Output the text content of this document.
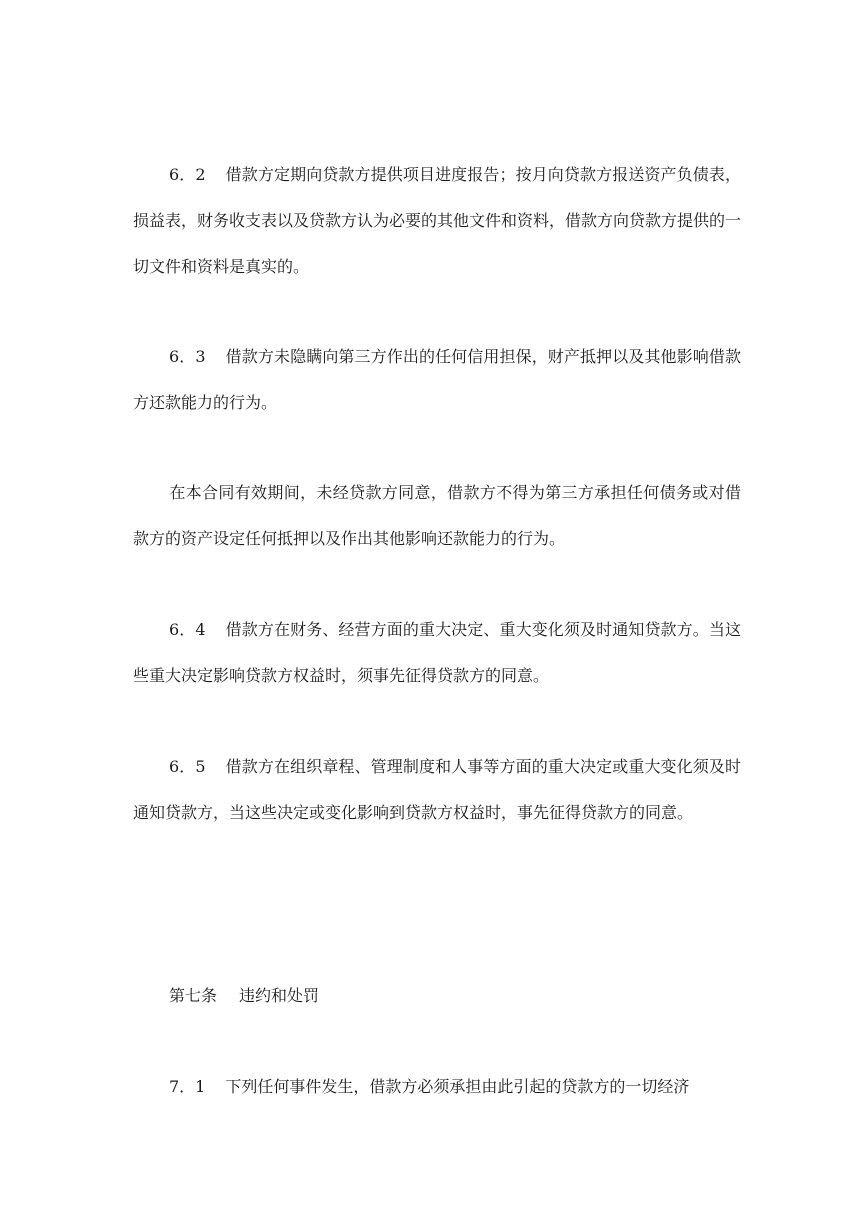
6．2 借款方定期向贷款方提供项目进度报告；按月向贷款方报送资产负债表，损益表，财务收支表以及贷款方认为必要的其他文件和资料，借款方向贷款方提供的一切文件和资料是真实的。

6．3 借款方未隐瞒向第三方作出的任何信用担保，财产抵押以及其他影响借款方还款能力的行为。

在本合同有效期间，未经贷款方同意，借款方不得为第三方承担任何债务或对借款方的资产设定任何抵押以及作出其他影响还款能力的行为。

6．4 借款方在财务、经营方面的重大决定、重大变化须及时通知贷款方。当这些重大决定影响贷款方权益时，须事先征得贷款方的同意。

6．5 借款方在组织章程、管理制度和人事等方面的重大决定或重大变化须及时通知贷款方，当这些决定或变化影响到贷款方权益时，事先征得贷款方的同意。

第七条 违约和处罚

7．1 下列任何事件发生，借款方必须承担由此引起的贷款方的一切经济
